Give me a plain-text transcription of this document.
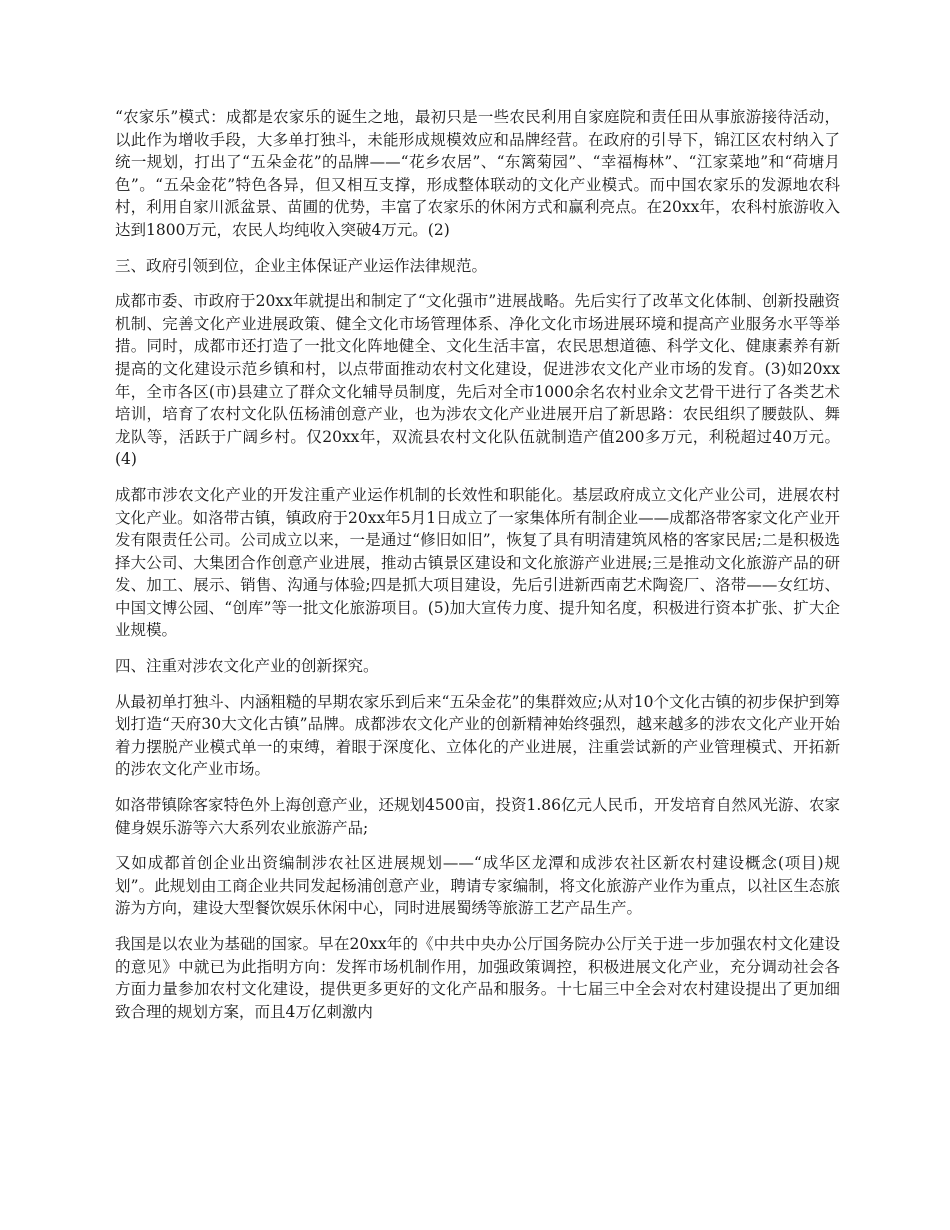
“农家乐”模式：成都是农家乐的诞生之地，最初只是一些农民利用自家庭院和责任田从事旅游接待活动，以此作为增收手段，大多单打独斗，未能形成规模效应和品牌经营。在政府的引导下，锦江区农村纳入了统一规划，打出了“五朵金花”的品牌——“花乡农居”、“东篱菊园”、“幸福梅林”、“江家菜地”和“荷塘月色”。“五朵金花”特色各异，但又相互支撑，形成整体联动的文化产业模式。而中国农家乐的发源地农科村，利用自家川派盆景、苗圃的优势，丰富了农家乐的休闲方式和赢利亮点。在20xx年，农科村旅游收入达到1800万元，农民人均纯收入突破4万元。(2)

三、政府引领到位，企业主体保证产业运作法律规范。

成都市委、市政府于20xx年就提出和制定了“文化强市”进展战略。先后实行了改革文化体制、创新投融资机制、完善文化产业进展政策、健全文化市场管理体系、净化文化市场进展环境和提高产业服务水平等举措。同时，成都市还打造了一批文化阵地健全、文化生活丰富，农民思想道德、科学文化、健康素养有新提高的文化建设示范乡镇和村，以点带面推动农村文化建设，促进涉农文化产业市场的发育。(3)如20xx年，全市各区(市)县建立了群众文化辅导员制度，先后对全市1000余名农村业余文艺骨干进行了各类艺术培训，培育了农村文化队伍杨浦创意产业，也为涉农文化产业进展开启了新思路：农民组织了腰鼓队、舞龙队等，活跃于广阔乡村。仅20xx年，双流县农村文化队伍就制造产值200多万元，利税超过40万元。(4)

成都市涉农文化产业的开发注重产业运作机制的长效性和职能化。基层政府成立文化产业公司，进展农村文化产业。如洛带古镇，镇政府于20xx年5月1日成立了一家集体所有制企业——成都洛带客家文化产业开发有限责任公司。公司成立以来，一是通过“修旧如旧”，恢复了具有明清建筑风格的客家民居;二是积极选择大公司、大集团合作创意产业进展，推动古镇景区建设和文化旅游产业进展;三是推动文化旅游产品的研发、加工、展示、销售、沟通与体验;四是抓大项目建设，先后引进新西南艺术陶瓷厂、洛带——女红坊、中国文博公园、“创库”等一批文化旅游项目。(5)加大宣传力度、提升知名度，积极进行资本扩张、扩大企业规模。

四、注重对涉农文化产业的创新探究。

从最初单打独斗、内涵粗糙的早期农家乐到后来“五朵金花”的集群效应;从对10个文化古镇的初步保护到筹划打造“天府30大文化古镇”品牌。成都涉农文化产业的创新精神始终强烈，越来越多的涉农文化产业开始着力摆脱产业模式单一的束缚，着眼于深度化、立体化的产业进展，注重尝试新的产业管理模式、开拓新的涉农文化产业市场。

如洛带镇除客家特色外上海创意产业，还规划4500亩，投资1.86亿元人民币，开发培育自然风光游、农家健身娱乐游等六大系列农业旅游产品;

又如成都首创企业出资编制涉农社区进展规划——“成华区龙潭和成涉农社区新农村建设概念(项目)规划”。此规划由工商企业共同发起杨浦创意产业，聘请专家编制，将文化旅游产业作为重点，以社区生态旅游为方向，建设大型餐饮娱乐休闲中心，同时进展蜀绣等旅游工艺产品生产。

我国是以农业为基础的国家。早在20xx年的《中共中央办公厅国务院办公厅关于进一步加强农村文化建设的意见》中就已为此指明方向：发挥市场机制作用，加强政策调控，积极进展文化产业，充分调动社会各方面力量参加农村文化建设，提供更多更好的文化产品和服务。十七届三中全会对农村建设提出了更加细致合理的规划方案，而且4万亿刺激内
